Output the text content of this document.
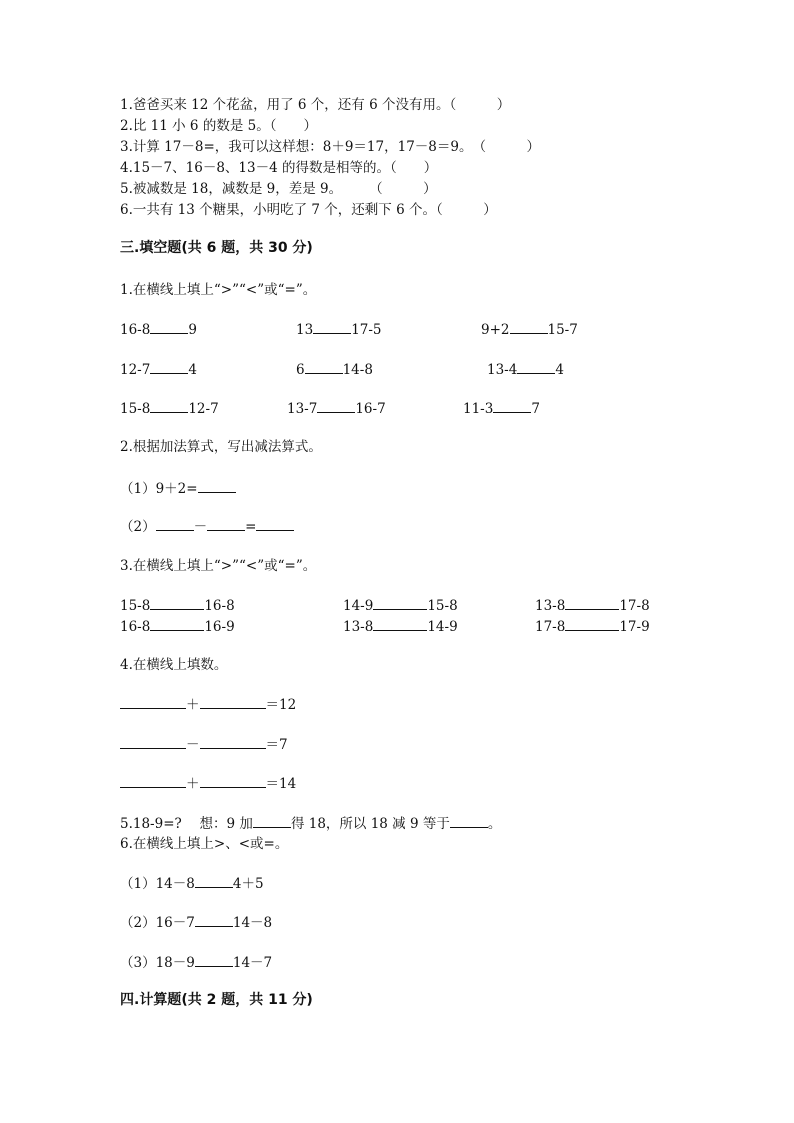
1.爸爸买来 12 个花盆，用了 6 个，还有 6 个没有用。（　　　）
2.比 11 小 6 的数是 5。（　　）
3.计算 17－8=，我可以这样想：8＋9＝17，17－8＝9。　（　　　）
4.15－7、16－8、13－4 的得数是相等的。（　　）
5.被减数是 18，减数是 9，差是 9。　　　（　　　）
6.一共有 13 个糖果，小明吃了 7 个，还剩下 6 个。（　　　）
三.填空题(共 6 题，共 30 分)
1.在横线上填上“>”“<”或“=”。
16-8	9	13	17-5	9+2	15-7
12-7	4	6	14-8	13-4	4
15-8	12-7	13-7	16-7	11-3	7
2.根据加法算式，写出减法算式。
（1）9＋2=
（2）	－	=
3.在横线上填上“>”“<”或“=”。
15-8	16-8	14-9	15-8	13-8	17-8
16-8	16-9	13-8	14-9	17-8	17-9
4.在横线上填数。
＋	＝12
－	＝7
＋	＝14
5.18-9=?　 想：9 加	得 18，所以 18 减 9 等于	。
6.在横线上填上>、<或=。
（1）14－8	4＋5
（2）16－7	14－8
（3）18－9	14－7
四.计算题(共 2 题，共 11 分)
